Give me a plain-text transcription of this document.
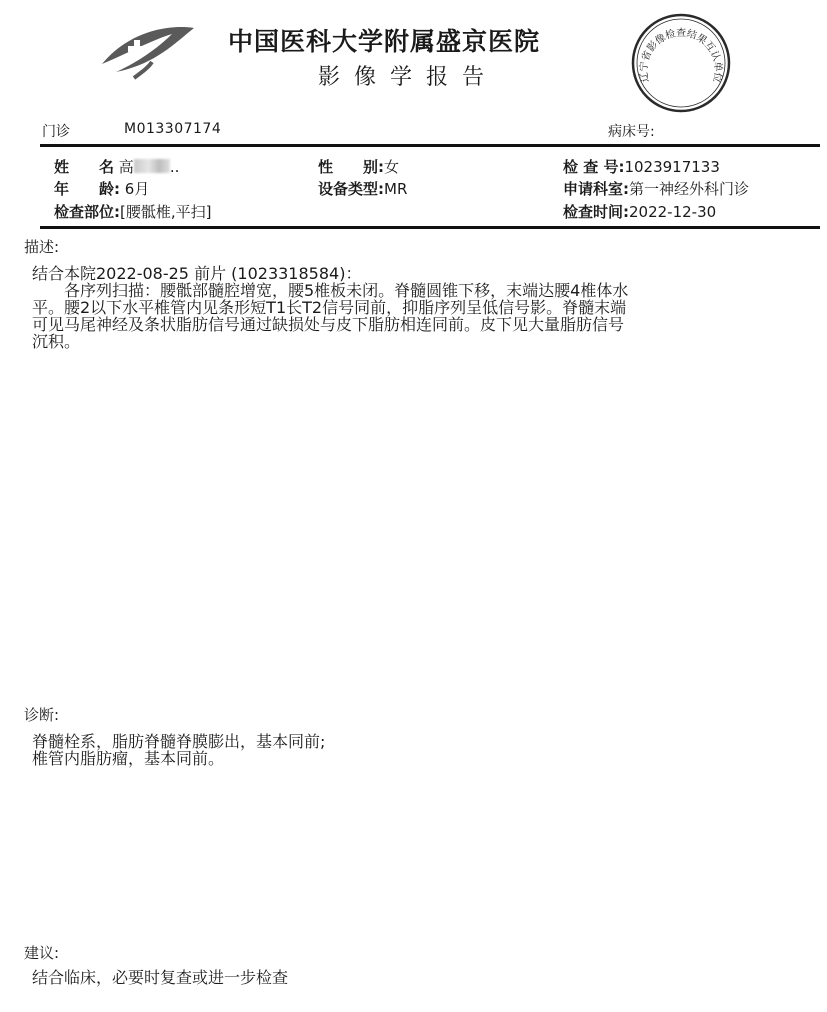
中国医科大学附属盛京医院
影像学报告	辽宁省影像检查结果互认单位
门诊	M013307174	病床号:
姓　　名 高 ..
年　　龄: 6月
检查部位:[腰骶椎,平扫]
性　　别:女
设备类型:MR
检 查 号:1023917133
申请科室:第一神经外科门诊
检查时间:2022-12-30
描述:
结合本院2022-08-25 前片 (1023318584)：
　　各序列扫描：腰骶部髓腔增宽，腰5椎板未闭。脊髓圆锥下移，末端达腰4椎体水
平。腰2以下水平椎管内见条形短T1长T2信号同前，抑脂序列呈低信号影。脊髓末端
可见马尾神经及条状脂肪信号通过缺损处与皮下脂肪相连同前。皮下见大量脂肪信号
沉积。
诊断:
脊髓栓系，脂肪脊髓脊膜膨出，基本同前;
椎管内脂肪瘤，基本同前。
建议:
结合临床，必要时复查或进一步检查
